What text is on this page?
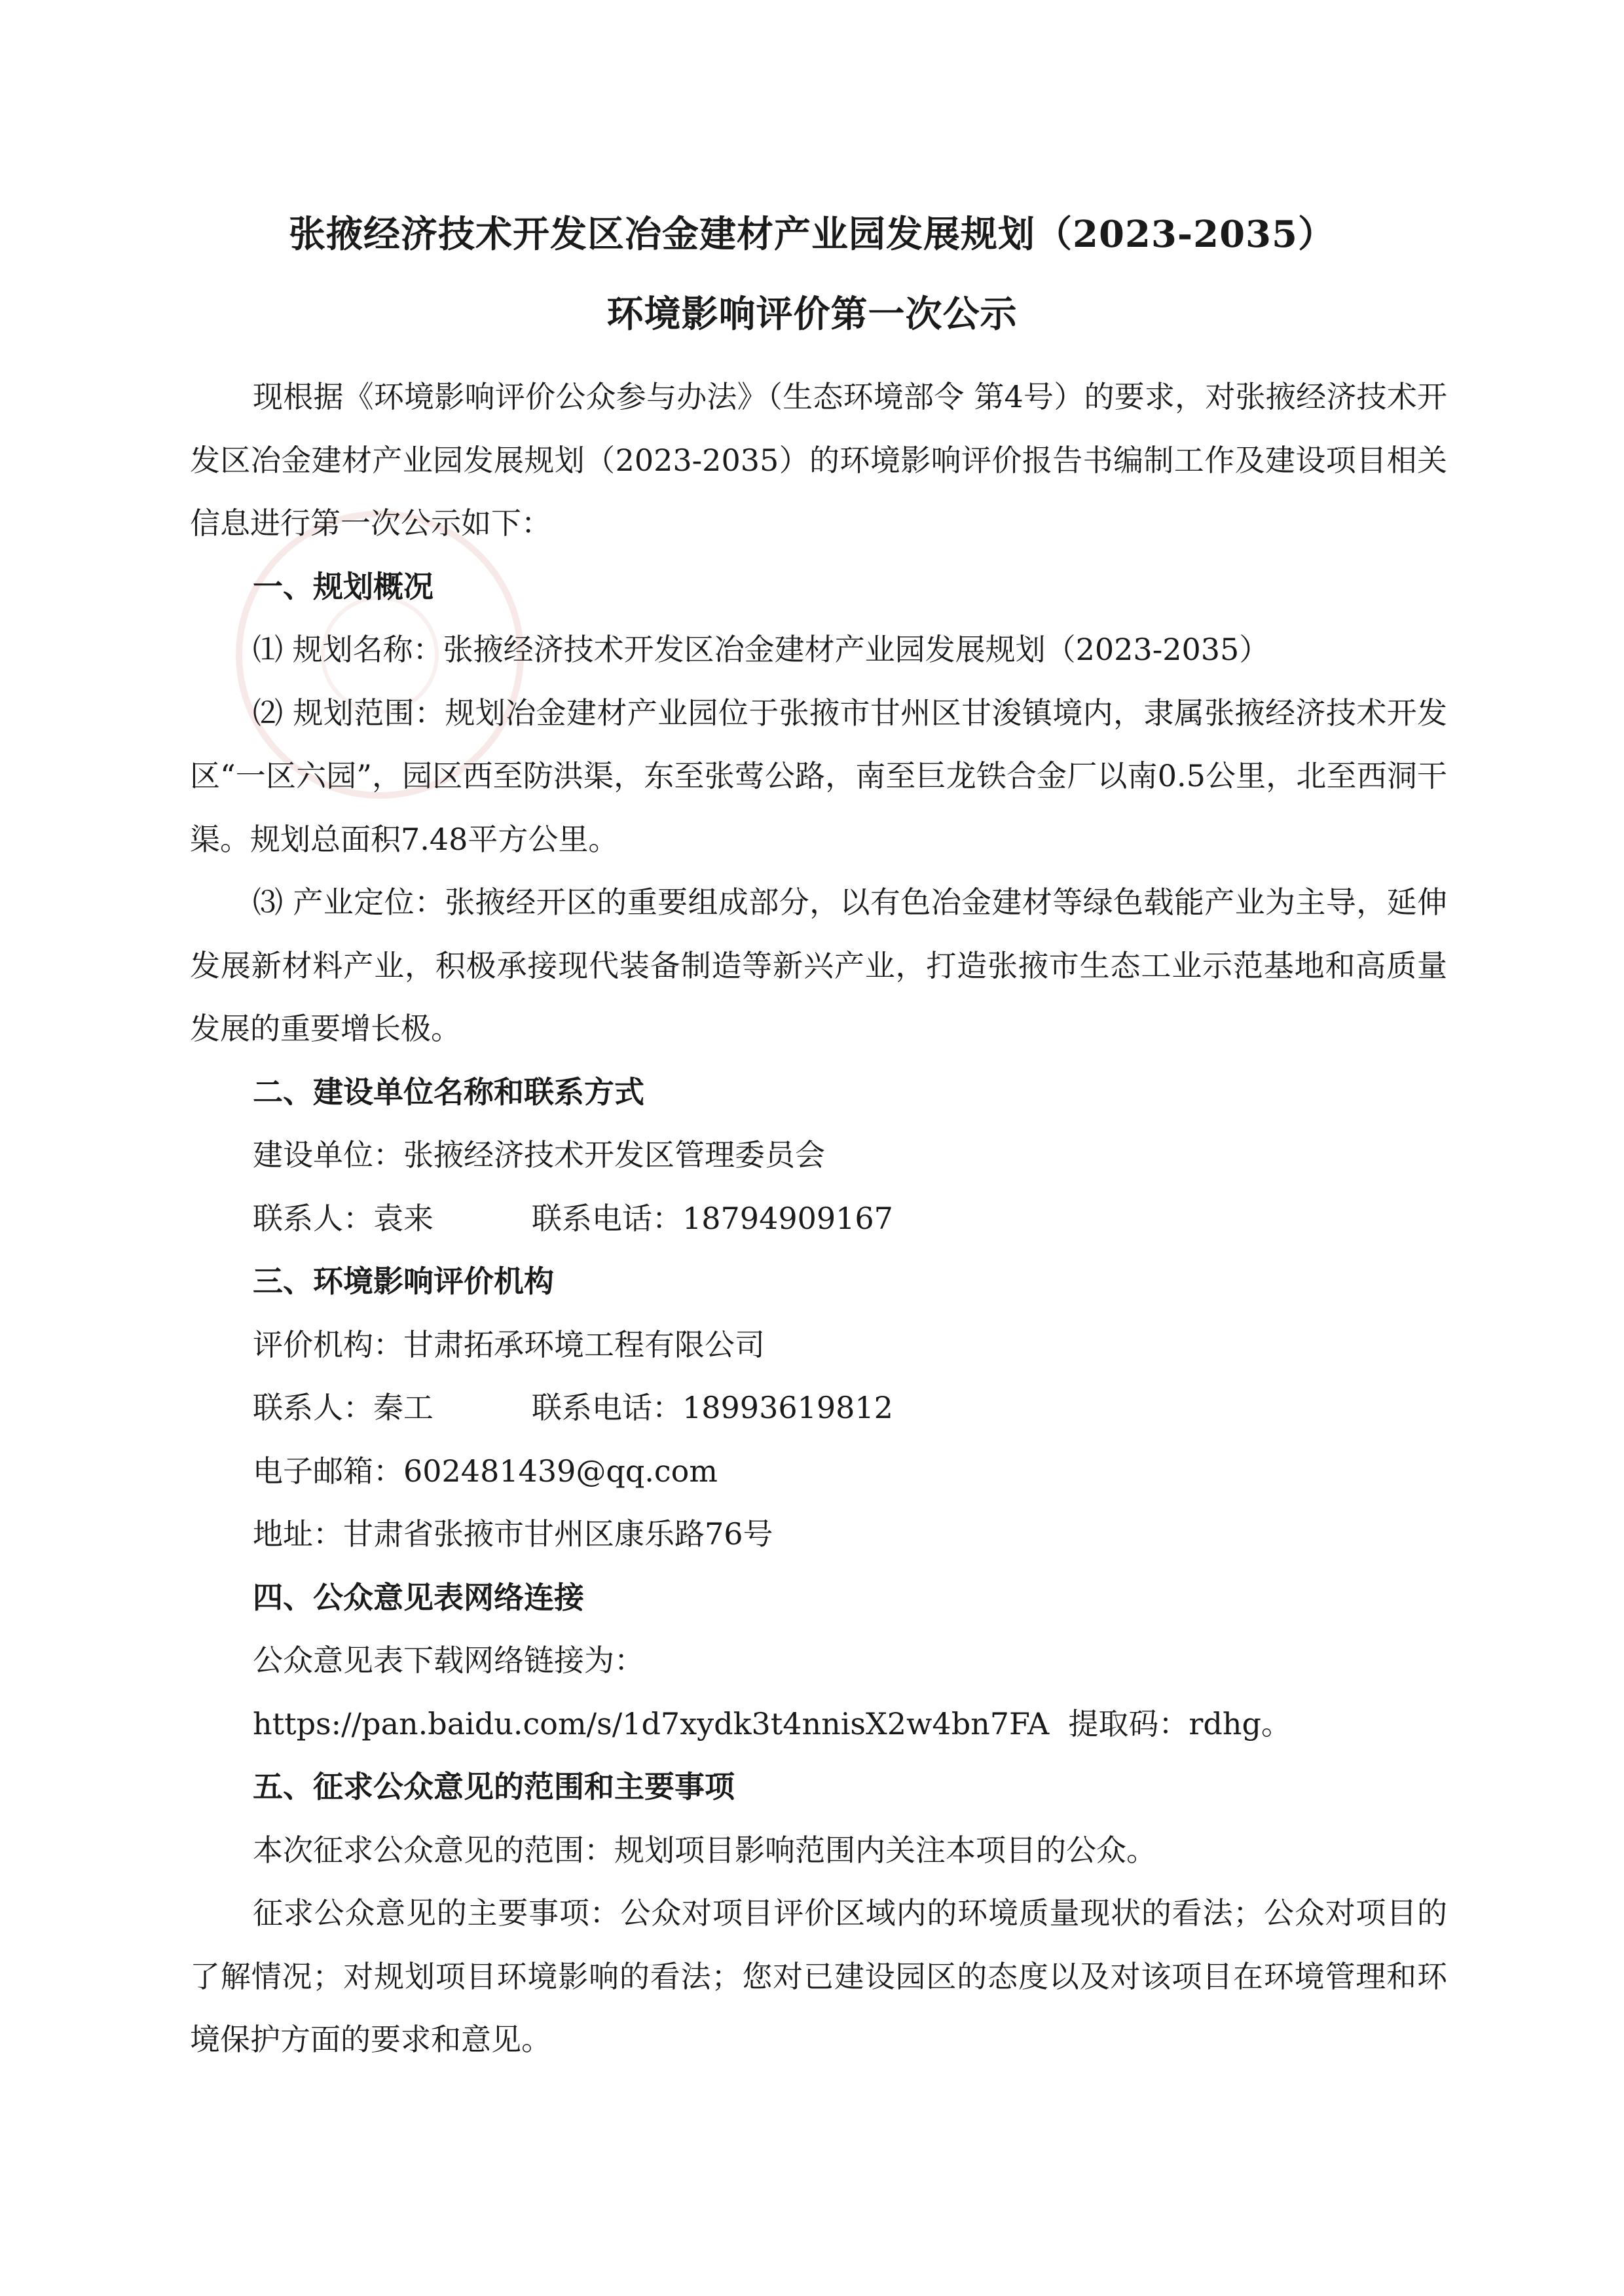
张掖经济技术开发区冶金建材产业园发展规划（2023-2035）
环境影响评价第一次公示

现根据《环境影响评价公众参与办法》（生态环境部令 第4号）的要求，对张掖经济技术开发区冶金建材产业园发展规划（2023-2035）的环境影响评价报告书编制工作及建设项目相关信息进行第一次公示如下：

一、规划概况

⑴ 规划名称：张掖经济技术开发区冶金建材产业园发展规划（2023-2035）

⑵ 规划范围：规划冶金建材产业园位于张掖市甘州区甘浚镇境内，隶属张掖经济技术开发区“一区六园”，园区西至防洪渠，东至张莺公路，南至巨龙铁合金厂以南0.5公里，北至西洞干渠。规划总面积7.48平方公里。

⑶ 产业定位：张掖经开区的重要组成部分，以有色冶金建材等绿色载能产业为主导，延伸发展新材料产业，积极承接现代装备制造等新兴产业，打造张掖市生态工业示范基地和高质量发展的重要增长极。

二、建设单位名称和联系方式

建设单位：张掖经济技术开发区管理委员会

联系人：袁来	联系电话：18794909167

三、环境影响评价机构

评价机构：甘肃拓承环境工程有限公司

联系人：秦工	联系电话：18993619812

电子邮箱：602481439@qq.com

地址：甘肃省张掖市甘州区康乐路76号

四、公众意见表网络连接

公众意见表下载网络链接为：

https://pan.baidu.com/s/1d7xydk3t4nnisX2w4bn7FA 提取码：rdhg。

五、征求公众意见的范围和主要事项

本次征求公众意见的范围：规划项目影响范围内关注本项目的公众。

征求公众意见的主要事项：公众对项目评价区域内的环境质量现状的看法；公众对项目的了解情况；对规划项目环境影响的看法；您对已建设园区的态度以及对该项目在环境管理和环境保护方面的要求和意见。
